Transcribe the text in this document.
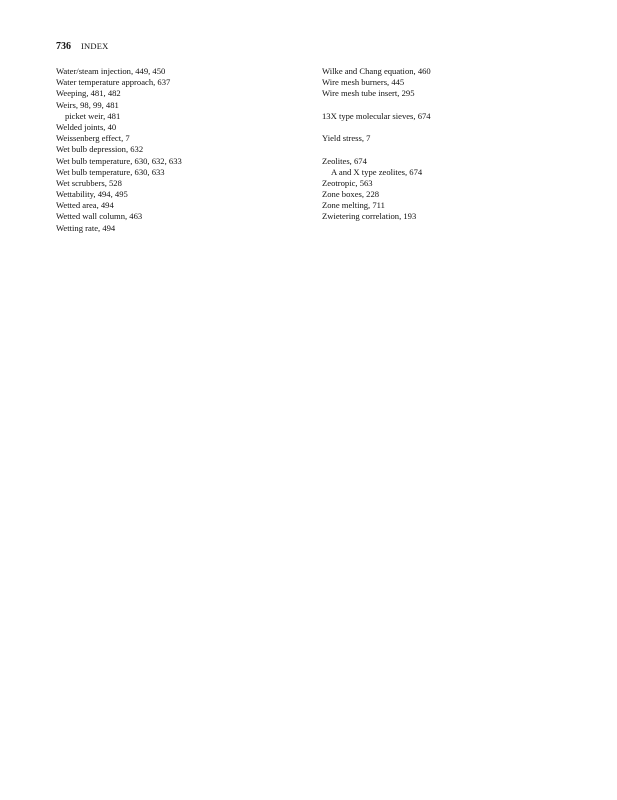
736 INDEX
Water/steam injection, 449, 450
Water temperature approach, 637
Weeping, 481, 482
Weirs, 98, 99, 481
picket weir, 481
Welded joints, 40
Weissenberg effect, 7
Wet bulb depression, 632
Wet bulb temperature, 630, 632, 633
Wet bulb temperature, 630, 633
Wet scrubbers, 528
Wettability, 494, 495
Wetted area, 494
Wetted wall column, 463
Wetting rate, 494
Wilke and Chang equation, 460
Wire mesh burners, 445
Wire mesh tube insert, 295
13X type molecular sieves, 674
Yield stress, 7
Zeolites, 674
A and X type zeolites, 674
Zeotropic, 563
Zone boxes, 228
Zone melting, 711
Zwietering correlation, 193
